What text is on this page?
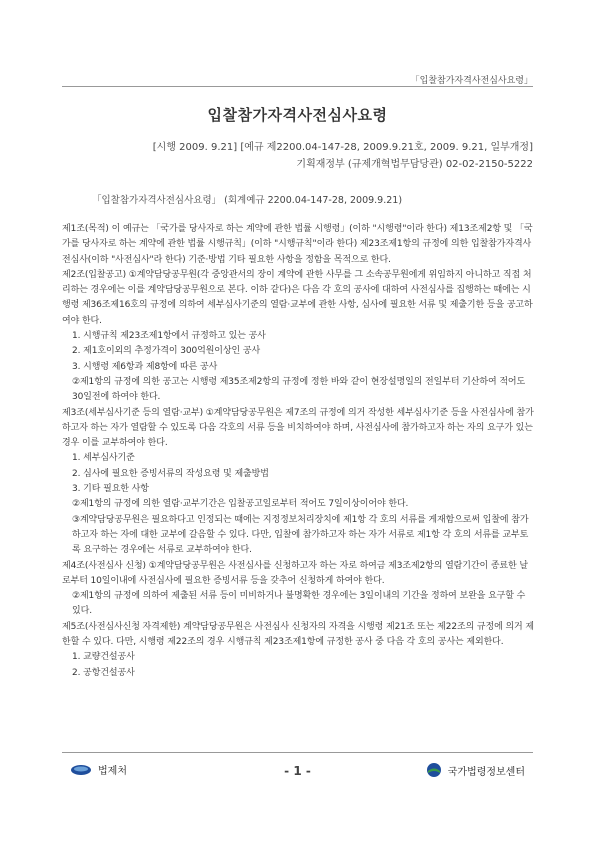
「입찰참가자격사전심사요령」
입찰참가자격사전심사요령
[시행 2009. 9.21] [예규 제2200.04-147-28, 2009.9.21호, 2009. 9.21, 일부개정]
기획재정부 (규제개혁법무담당관) 02-02-2150-5222
「입찰참가자격사전심사요령」 (회계예규 2200.04-147-28, 2009.9.21)

제1조(목적) 이 예규는 「국가를 당사자로 하는 계약에 관한 법률 시행령」(이하 "시행령"이라 한다) 제13조제2항 및 「국가를 당사자로 하는 계약에 관한 법률 시행규칙」(이하 "시행규칙"이라 한다) 제23조제1항의 규정에 의한 입찰참가자격사전심사(이하 "사전심사"라 한다) 기준·방법 기타 필요한 사항을 정함을 목적으로 한다.

제2조(입찰공고) ①계약담당공무원(각 중앙관서의 장이 계약에 관한 사무를 그 소속공무원에게 위임하지 아니하고 직접 처리하는 경우에는 이를 계약담당공무원으로 본다. 이하 같다)은 다음 각 호의 공사에 대하여 사전심사를 집행하는 때에는 시행령 제36조제16호의 규정에 의하여 세부심사기준의 열람·교부에 관한 사항, 심사에 필요한 서류 및 제출기한 등을 공고하여야 한다.

1. 시행규칙 제23조제1항에서 규정하고 있는 공사

2. 제1호이외의 추정가격이 300억원이상인 공사

3. 시행령 제6항과 제8항에 따른 공사

②제1항의 규정에 의한 공고는 시행령 제35조제2항의 규정에 정한 바와 같이 현장설명일의 전일부터 기산하여 적어도 30일전에 하여야 한다.

제3조(세부심사기준 등의 열람·교부) ①계약담당공무원은 제7조의 규정에 의거 작성한 세부심사기준 등을 사전심사에 참가하고자 하는 자가 열람할 수 있도록 다음 각호의 서류 등을 비치하여야 하며, 사전심사에 참가하고자 하는 자의 요구가 있는 경우 이를 교부하여야 한다.

1. 세부심사기준

2. 심사에 필요한 증빙서류의 작성요령 및 제출방법

3. 기타 필요한 사항

②제1항의 규정에 의한 열람·교부기간은 입찰공고일로부터 적어도 7일이상이어야 한다.

③계약담당공무원은 필요하다고 인정되는 때에는 지정정보처리장치에 제1항 각 호의 서류를 게재함으로써 입찰에 참가하고자 하는 자에 대한 교부에 갈음할 수 있다. 다만, 입찰에 참가하고자 하는 자가 서류로 제1항 각 호의 서류를 교부토록 요구하는 경우에는 서류로 교부하여야 한다.

제4조(사전심사 신청) ①계약담당공무원은 사전심사를 신청하고자 하는 자로 하여금 제3조제2항의 열람기간이 종료한 날로부터 10일이내에 사전심사에 필요한 증빙서류 등을 갖추어 신청하게 하여야 한다.

②제1항의 규정에 의하여 제출된 서류 등이 미비하거나 불명확한 경우에는 3일이내의 기간을 정하여 보완을 요구할 수 있다.

제5조(사전심사신청 자격제한) 계약담당공무원은 사전심사 신청자의 자격을 시행령 제21조 또는 제22조의 규정에 의거 제한할 수 있다. 다만, 시행령 제22조의 경우 시행규칙 제23조제1항에 규정한 공사 중 다음 각 호의 공사는 제외한다.

1. 교량건설공사

2. 공항건설공사

법제처	- 1 -	국가법령정보센터
